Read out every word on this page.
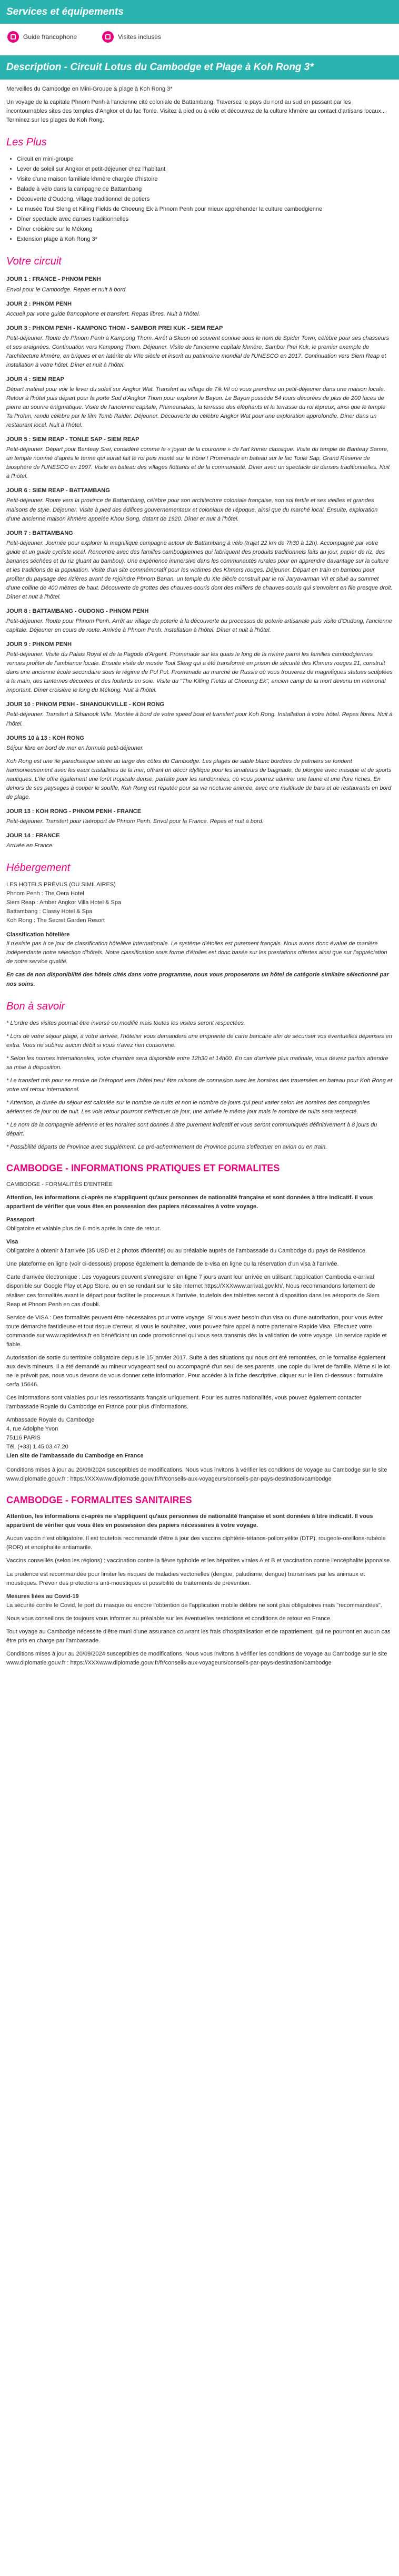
Services et équipements
Guide francophone	Visites incluses
Description - Circuit Lotus du Cambodge et Plage à Koh Rong 3*

Merveilles du Cambodge en Mini-Groupe & plage à Koh Rong 3*

Un voyage de la capitale Phnom Penh à l'ancienne cité coloniale de Battambang. Traversez le pays du nord au sud en passant par les incontournables sites des temples d'Angkor et du lac Tonle. Visitez à pied ou à vélo et découvrez de la culture khmère au contact d'artisans locaux... Terminez sur les plages de Koh Rong.

Les Plus
• Circuit en mini-groupe
• Lever de soleil sur Angkor et petit-déjeuner chez l'habitant
• Visite d'une maison familiale khmère chargée d'histoire
• Balade à vélo dans la campagne de Battambang
• Découverte d'Oudong, village traditionnel de potiers
• Le musée Toul Sleng et Killing Fields de Choeung Ek à Phnom Penh pour mieux appréhender la culture cambodgienne
• Dîner spectacle avec danses traditionnelles
• Dîner croisière sur le Mékong
• Extension plage à Koh Rong 3*
Votre circuit
JOUR 1 : FRANCE - PHNOM PENH

Envol pour le Cambodge. Repas et nuit à bord.

JOUR 2 : PHNOM PENH

Accueil par votre guide francophone et transfert. Repas libres. Nuit à l'hôtel.

JOUR 3 : PHNOM PENH - KAMPONG THOM - SAMBOR PREI KUK - SIEM REAP

Petit-déjeuner. Route de Phnom Penh à Kampong Thom. Arrêt à Skuon où souvent connue sous le nom de Spider Town, célèbre pour ses chasseurs et ses araignées. Continuation vers Kampong Thom. Déjeuner. Visite de l'ancienne capitale khmère, Sambor Prei Kuk, le premier exemple de l'architecture khmère, en briques et en latérite du VIIe siècle et inscrit au patrimoine mondial de l'UNESCO en 2017. Continuation vers Siem Reap et installation à votre hôtel. Dîner et nuit à l'hôtel.

JOUR 4 : SIEM REAP

Départ matinal pour voir le lever du soleil sur Angkor Wat. Transfert au village de Tik Vil où vous prendrez un petit-déjeuner dans une maison locale. Retour à l'hôtel puis départ pour la porte Sud d'Angkor Thom pour explorer le Bayon. Le Bayon possède 54 tours décorées de plus de 200 faces de pierre au sourire énigmatique. Visite de l'ancienne capitale, Phimeanakas, la terrasse des éléphants et la terrasse du roi lépreux, ainsi que le temple Ta Prohm, rendu célèbre par le film Tomb Raider. Déjeuner. Découverte du célèbre Angkor Wat pour une exploration approfondie. Dîner dans un restaurant local. Nuit à l'hôtel.

JOUR 5 : SIEM REAP - TONLE SAP - SIEM REAP

Petit-déjeuner. Départ pour Banteay Srei, considéré comme le « joyau de la couronne » de l'art khmer classique. Visite du temple de Banteay Samre, un temple nommé d'après le terme qui aurait fait le roi puis monté sur le trône ! Promenade en bateau sur le lac Tonlé Sap, Grand Réserve de biosphère de l'UNESCO en 1997. Visite en bateau des villages flottants et de la communauté. Dîner avec un spectacle de danses traditionnelles. Nuit à l'hôtel.

JOUR 6 : SIEM REAP - BATTAMBANG

Petit-déjeuner. Route vers la province de Battambang, célèbre pour son architecture coloniale française, son sol fertile et ses vieilles et grandes maisons de style. Déjeuner. Visite à pied des édifices gouvernementaux et coloniaux de l'époque, ainsi que du marché local. Ensuite, exploration d'une ancienne maison khmère appelée Khou Song, datant de 1920. Dîner et nuit à l'hôtel.

JOUR 7 : BATTAMBANG

Petit-déjeuner. Journée pour explorer la magnifique campagne autour de Battambang à vélo (trajet 22 km de 7h30 à 12h). Accompagné par votre guide et un guide cycliste local. Rencontre avec des familles cambodgiennes qui fabriquent des produits traditionnels faits au jour, papier de riz, des bananes séchées et du riz gluant au bambou). Une expérience immersive dans les communautés rurales pour en apprendre davantage sur la culture et les traditions de la population. Visite d'un site commémoratif pour les victimes des Khmers rouges. Déjeuner. Départ en train en bambou pour profiter du paysage des rizières avant de rejoindre Phnom Banan, un temple du XIe siècle construit par le roi Jaryavarman VII et situé au sommet d'une colline de 400 mètres de haut. Découverte de grottes des chauves-souris dont des milliers de chauves-souris qui s'envolent en file presque droit. Dîner et nuit à l'hôtel.

JOUR 8 : BATTAMBANG - OUDONG - PHNOM PENH

Petit-déjeuner. Route pour Phnom Penh. Arrêt au village de poterie à la découverte du processus de poterie artisanale puis visite d'Oudong, l'ancienne capitale. Déjeuner en cours de route. Arrivée à Phnom Penh. Installation à l'hôtel. Dîner et nuit à l'hôtel.

JOUR 9 : PHNOM PENH

Petit-déjeuner. Visite du Palais Royal et de la Pagode d'Argent. Promenade sur les quais le long de la rivière parmi les familles cambodgiennes venues profiter de l'ambiance locale. Ensuite visite du musée Toul Sleng qui a été transformé en prison de sécurité des Khmers rouges 21, construit dans une ancienne école secondaire sous le régime de Pol Pot. Promenade au marché de Russie où vous trouverez de magnifiques statues sculptées à la main, des lanternes décorées et des foulards en soie. Visite du "The Killing Fields at Choeung Ek", ancien camp de la mort devenu un mémorial important. Dîner croisière le long du Mékong. Nuit à l'hôtel.

JOUR 10 : PHNOM PENH - SIHANOUKVILLE - KOH RONG

Petit-déjeuner. Transfert à Sihanouk Ville. Montée à bord de votre speed boat et transfert pour Koh Rong. Installation à votre hôtel. Repas libres. Nuit à l'hôtel.

JOURS 10 à 13 : KOH RONG

Séjour libre en bord de mer en formule petit-déjeuner.

Koh Rong est une île paradisiaque située au large des côtes du Cambodge. Les plages de sable blanc bordées de palmiers se fondent harmonieusement avec les eaux cristallines de la mer, offrant un décor idyllique pour les amateurs de baignade, de plongée avec masque et de sports nautiques. L'île offre également une forêt tropicale dense, parfaite pour les randonnées, où vous pourrez admirer une faune et une flore riches. En dehors de ses paysages à couper le souffle, Koh Rong est réputée pour sa vie nocturne animée, avec une multitude de bars et de restaurants en bord de plage.

JOUR 13 : KOH RONG - PHNOM PENH - FRANCE

Petit-déjeuner. Transfert pour l'aéroport de Phnom Penh. Envol pour la France. Repas et nuit à bord.

JOUR 14 : FRANCE

Arrivée en France.

Hébergement
LES HOTELS PRÉVUS (OU SIMILAIRES)
Phnom Penh : The Oera Hotel
Siem Reap : Amber Angkor Villa Hotel & Spa
Battambang : Classy Hotel & Spa
Koh Rong : The Secret Garden Resort
Classification hôtelière

Il n'existe pas à ce jour de classification hôtelière internationale. Le système d'étoiles est purement français. Nous avons donc évalué de manière indépendante notre sélection d'hôtels. Notre classification sous forme d'étoiles est donc basée sur les prestations offertes ainsi que sur l'appréciation de notre service qualité.

En cas de non disponibilité des hôtels cités dans votre programme, nous vous proposerons un hôtel de catégorie similaire sélectionné par nos soins.

Bon à savoir

* L'ordre des visites pourrait être inversé ou modifié mais toutes les visites seront respectées.

* Lors de votre séjour plage, à votre arrivée, l'hôtelier vous demandera une empreinte de carte bancaire afin de sécuriser vos éventuelles dépenses en extra. Vous ne subirez aucun débit si vous n'avez rien consommé.

* Selon les normes internationales, votre chambre sera disponible entre 12h30 et 14h00. En cas d'arrivée plus matinale, vous devrez parfois attendre sa mise à disposition.

* Le transfert mis pour se rendre de l'aéroport vers l'hôtel peut être raisons de connexion avec les horaires des traversées en bateau pour Koh Rong et votre vol retour international.

* Attention, la durée du séjour est calculée sur le nombre de nuits et non le nombre de jours qui peut varier selon les horaires des compagnies aériennes de jour ou de nuit. Les vols retour pourront s'effectuer de jour, une arrivée le même jour mais le nombre de nuits sera respecté.

* Le nom de la compagnie aérienne et les horaires sont donnés à titre purement indicatif et vous seront communiqués définitivement à 8 jours du départ.

* Possibilité départs de Province avec supplément. Le pré-acheminement de Province pourra s'effectuer en avion ou en train.

CAMBODGE - INFORMATIONS PRATIQUES ET FORMALITES

CAMBODGE - FORMALITÉS D'ENTRÉE

Attention, les informations ci-après ne s'appliquent qu'aux personnes de nationalité française et sont données à titre indicatif. Il vous appartient de vérifier que vous êtes en possession des papiers nécessaires à votre voyage.

Passeport

Obligatoire et valable plus de 6 mois après la date de retour.

Visa

Obligatoire à obtenir à l'arrivée (35 USD et 2 photos d'identité) ou au préalable auprès de l'ambassade du Cambodge du pays de Résidence.

Une plateforme en ligne (voir ci-dessous) propose également la demande de e-visa en ligne ou la réservation d'un visa à l'arrivée.

Carte d'arrivée électronique : Les voyageurs peuvent s'enregistrer en ligne 7 jours avant leur arrivée en utilisant l'application Cambodia e-arrival disponible sur Google Play et App Store, ou en se rendant sur le site internet https://XXXwww.arrival.gov.kh/. Nous recommandons fortement de réaliser ces formalités avant le départ pour faciliter le processus à l'arrivée, toutefois des tablettes seront à disposition dans les aéroports de Siem Reap et Phnom Penh en cas d'oubli.

Service de VISA : Des formalités peuvent être nécessaires pour votre voyage. Si vous avez besoin d'un visa ou d'une autorisation, pour vous éviter toute démarche fastidieuse et tout risque d'erreur, si vous le souhaitez, vous pouvez faire appel à notre partenaire Rapide Visa. Effectuez votre commande sur www.rapidevisa.fr en bénéficiant un code promotionnel qui vous sera transmis dès la validation de votre voyage. Un service rapide et fiable.

Autorisation de sortie du territoire obligatoire depuis le 15 janvier 2017. Suite à des situations qui nous ont été remontées, on le formalise également aux devis mineurs. Il a été demandé au mineur voyageant seul ou accompagné d'un seul de ses parents, une copie du livret de famille. Même si le lot ne le prévoit pas, nous vous devons de vous donner cette information. Pour accéder à la fiche descriptive, cliquer sur le lien ci-dessous : formulaire cerfa 15646.

Ces informations sont valables pour les ressortissants français uniquement. Pour les autres nationalités, vous pouvez également contacter l'ambassade Royale du Cambodge en France pour plus d'informations.

Ambassade Royale du Cambodge
4, rue Adolphe Yvon
75116 PARIS
Tél. (+33) 1.45.03.47.20
Lien site de l'ambassade du Cambodge en France

Conditions mises à jour au 20/09/2024 susceptibles de modifications. Nous vous invitons à vérifier les conditions de voyage au Cambodge sur le site www.diplomatie.gouv.fr : https://XXXwww.diplomatie.gouv.fr/fr/conseils-aux-voyageurs/conseils-par-pays-destination/cambodge

CAMBODGE - FORMALITES SANITAIRES

Attention, les informations ci-après ne s'appliquent qu'aux personnes de nationalité française et sont données à titre indicatif. Il vous appartient de vérifier que vous êtes en possession des papiers nécessaires à votre voyage.

Aucun vaccin n'est obligatoire. Il est toutefois recommandé d'être à jour des vaccins diphtérie-tétanos-poliomyélite (DTP), rougeole-oreillons-rubéole (ROR) et encéphalite antiamarile.

Vaccins conseillés (selon les régions) : vaccination contre la fièvre typhoïde et les hépatites virales A et B et vaccination contre l'encéphalite japonaise.

La prudence est recommandée pour limiter les risques de maladies vectorielles (dengue, paludisme, dengue) transmises par les animaux et moustiques. Prévoir des protections anti-moustiques et possibilité de traitements de prévention.

Mesures liées au Covid-19

La sécurité contre le Covid, le port du masque ou encore l'obtention de l'application mobile délibre ne sont plus obligatoires mais "recommandées".

Nous vous conseillons de toujours vous informer au préalable sur les éventuelles restrictions et conditions de retour en France.

Tout voyage au Cambodge nécessite d'être muni d'une assurance couvrant les frais d'hospitalisation et de rapatriement, qui ne pourront en aucun cas être pris en charge par l'ambassade.

Conditions mises à jour au 20/09/2024 susceptibles de modifications. Nous vous invitons à vérifier les conditions de voyage au Cambodge sur le site www.diplomatie.gouv.fr : https://XXXwww.diplomatie.gouv.fr/fr/conseils-aux-voyageurs/conseils-par-pays-destination/cambodge
